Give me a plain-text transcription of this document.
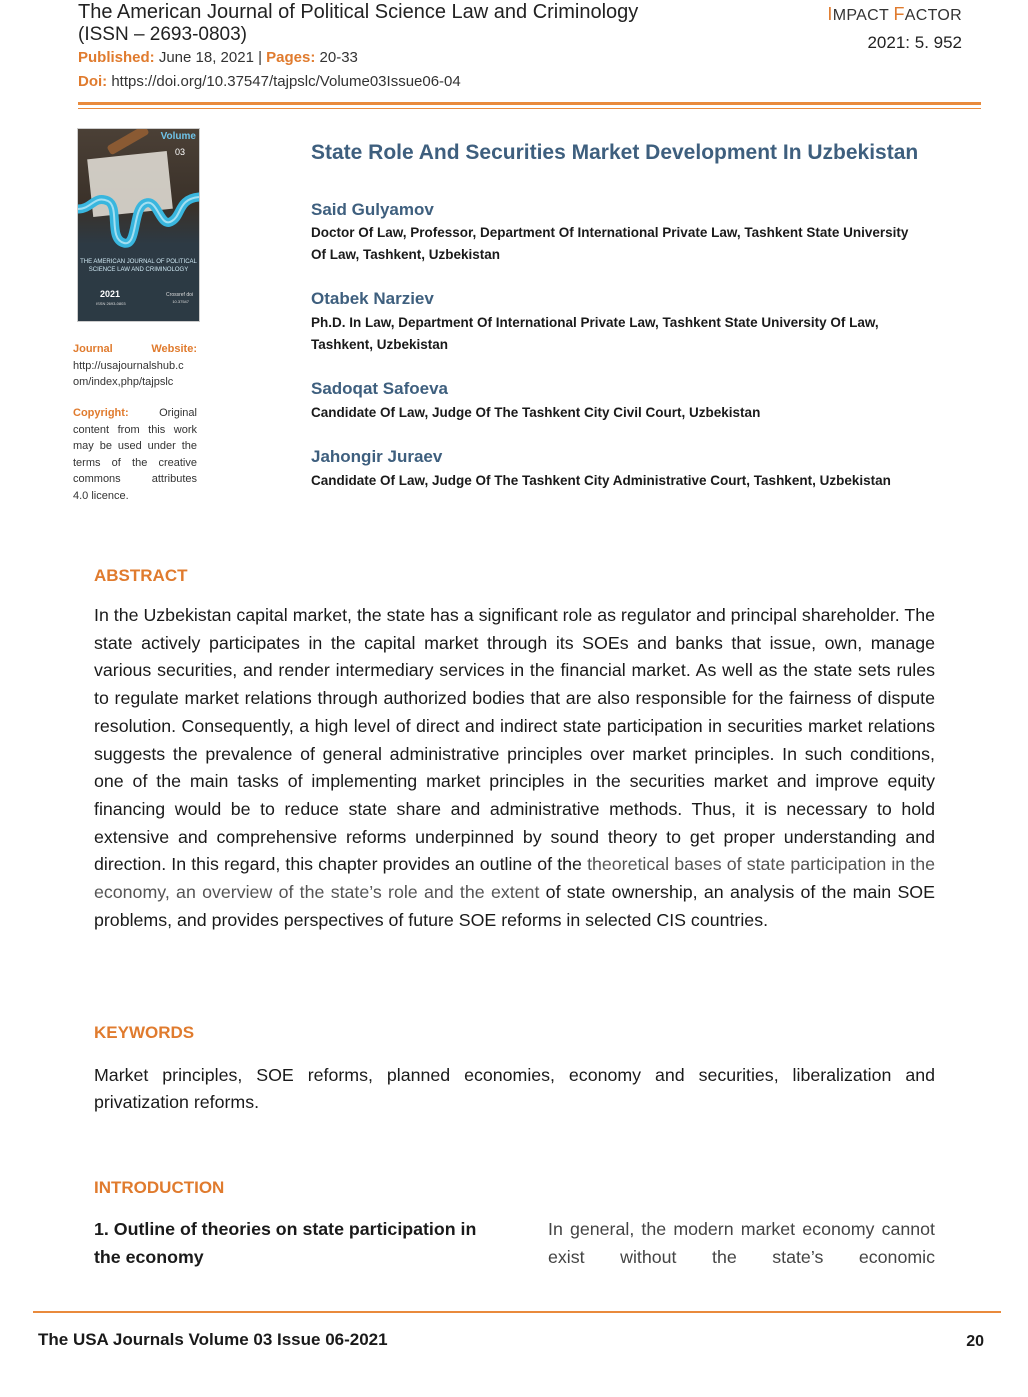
The American Journal of Political Science Law and Criminology
(ISSN – 2693-0803)
Published: June 18, 2021 | Pages: 20-33
Doi: https://doi.org/10.37547/tajpslc/Volume03Issue06-04
IMPACT FACTOR
2021: 5. 952
Volume
03
THE AMERICAN JOURNAL OF POLITICAL
SCIENCE LAW AND CRIMINOLOGY
2021	Crossref doi
ISSN 2693-0803	10.37547
Journal	Website:
http://usajournalshub.c
om/index,php/tajpslc
Copyright: Original
content from this work
may be used under the
terms of the creative
commons attributes
4.0 licence.
State Role And Securities Market Development In Uzbekistan
Said Gulyamov
Doctor Of Law, Professor, Department Of International Private Law, Tashkent State University
Of Law, Tashkent, Uzbekistan
Otabek Narziev
Ph.D. In Law, Department Of International Private Law, Tashkent State University Of Law,
Tashkent, Uzbekistan
Sadoqat Safoeva
Candidate Of Law, Judge Of The Tashkent City Civil Court, Uzbekistan
Jahongir Juraev
Candidate Of Law, Judge Of The Tashkent City Administrative Court, Tashkent, Uzbekistan
ABSTRACT
In the Uzbekistan capital market, the state has a significant role as regulator and principal shareholder. The state actively participates in the capital market through its SOEs and banks that issue, own, manage various securities, and render intermediary services in the financial market. As well as the state sets rules to regulate market relations through authorized bodies that are also responsible for the fairness of dispute resolution. Consequently, a high level of direct and indirect state participation in securities market relations suggests the prevalence of general administrative principles over market principles. In such conditions, one of the main tasks of implementing market principles in the securities market and improve equity financing would be to reduce state share and administrative methods. Thus, it is necessary to hold extensive and comprehensive reforms underpinned by sound theory to get proper understanding and direction. In this regard, this chapter provides an outline of the theoretical bases of state participation in the economy, an overview of the state’s role and the extent of state ownership, an analysis of the main SOE problems, and provides perspectives of future SOE reforms in selected CIS countries.
KEYWORDS
Market principles, SOE reforms, planned economies, economy and securities, liberalization and privatization reforms.
INTRODUCTION
1. Outline of theories on state participation in the economy
In general, the modern market economy cannot exist without the state’s economic
The USA Journals Volume 03 Issue 06-2021	20
